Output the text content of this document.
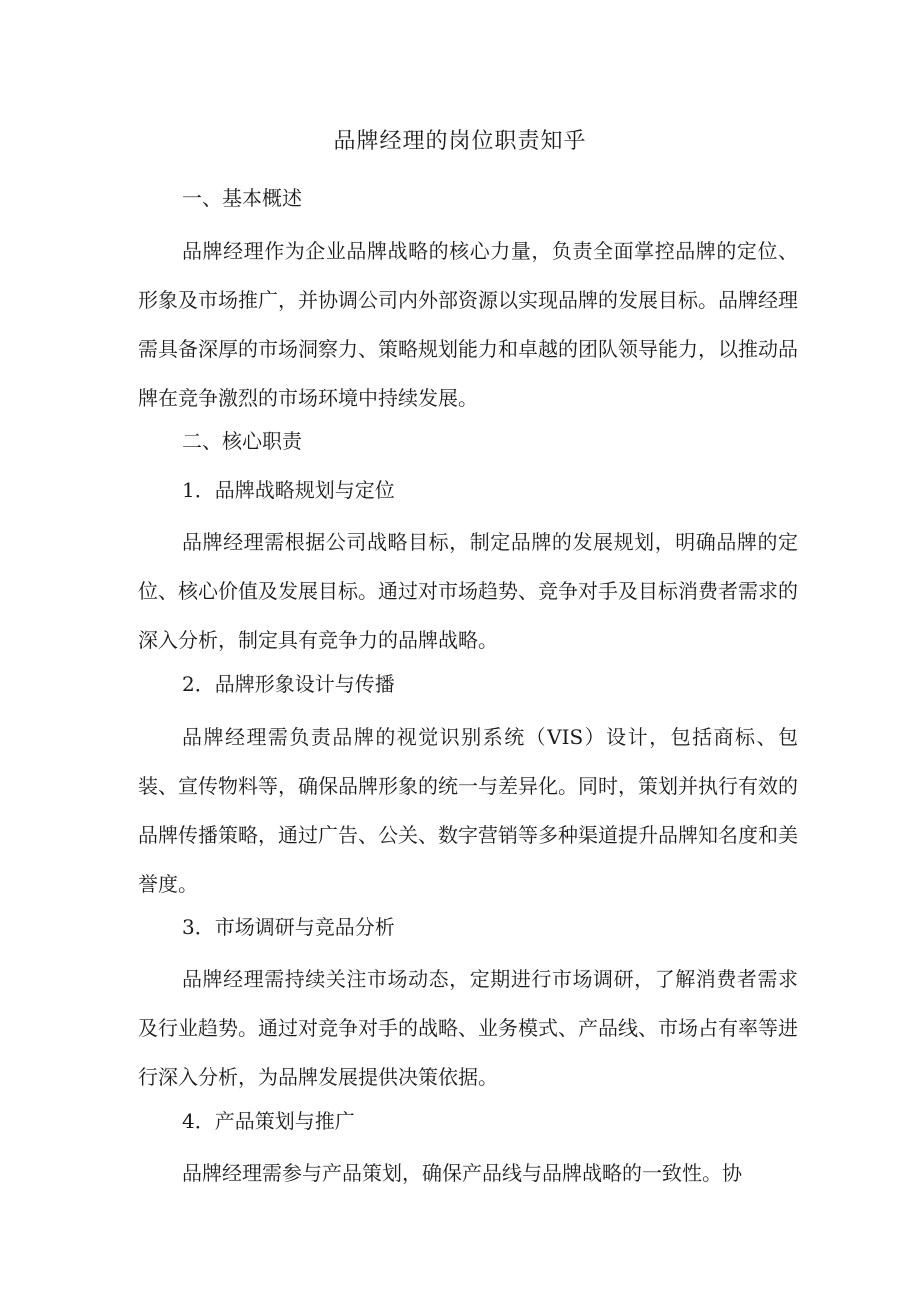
品牌经理的岗位职责知乎
一、基本概述
品牌经理作为企业品牌战略的核心力量，负责全面掌控品牌的定位、形象及市场推广，并协调公司内外部资源以实现品牌的发展目标。品牌经理需具备深厚的市场洞察力、策略规划能力和卓越的团队领导能力，以推动品牌在竞争激烈的市场环境中持续发展。
二、核心职责
1．品牌战略规划与定位
品牌经理需根据公司战略目标，制定品牌的发展规划，明确品牌的定位、核心价值及发展目标。通过对市场趋势、竞争对手及目标消费者需求的深入分析，制定具有竞争力的品牌战略。
2．品牌形象设计与传播
品牌经理需负责品牌的视觉识别系统（VIS）设计，包括商标、包装、宣传物料等，确保品牌形象的统一与差异化。同时，策划并执行有效的品牌传播策略，通过广告、公关、数字营销等多种渠道提升品牌知名度和美誉度。
3．市场调研与竞品分析
品牌经理需持续关注市场动态，定期进行市场调研，了解消费者需求及行业趋势。通过对竞争对手的战略、业务模式、产品线、市场占有率等进行深入分析，为品牌发展提供决策依据。
4．产品策划与推广
品牌经理需参与产品策划，确保产品线与品牌战略的一致性。协
